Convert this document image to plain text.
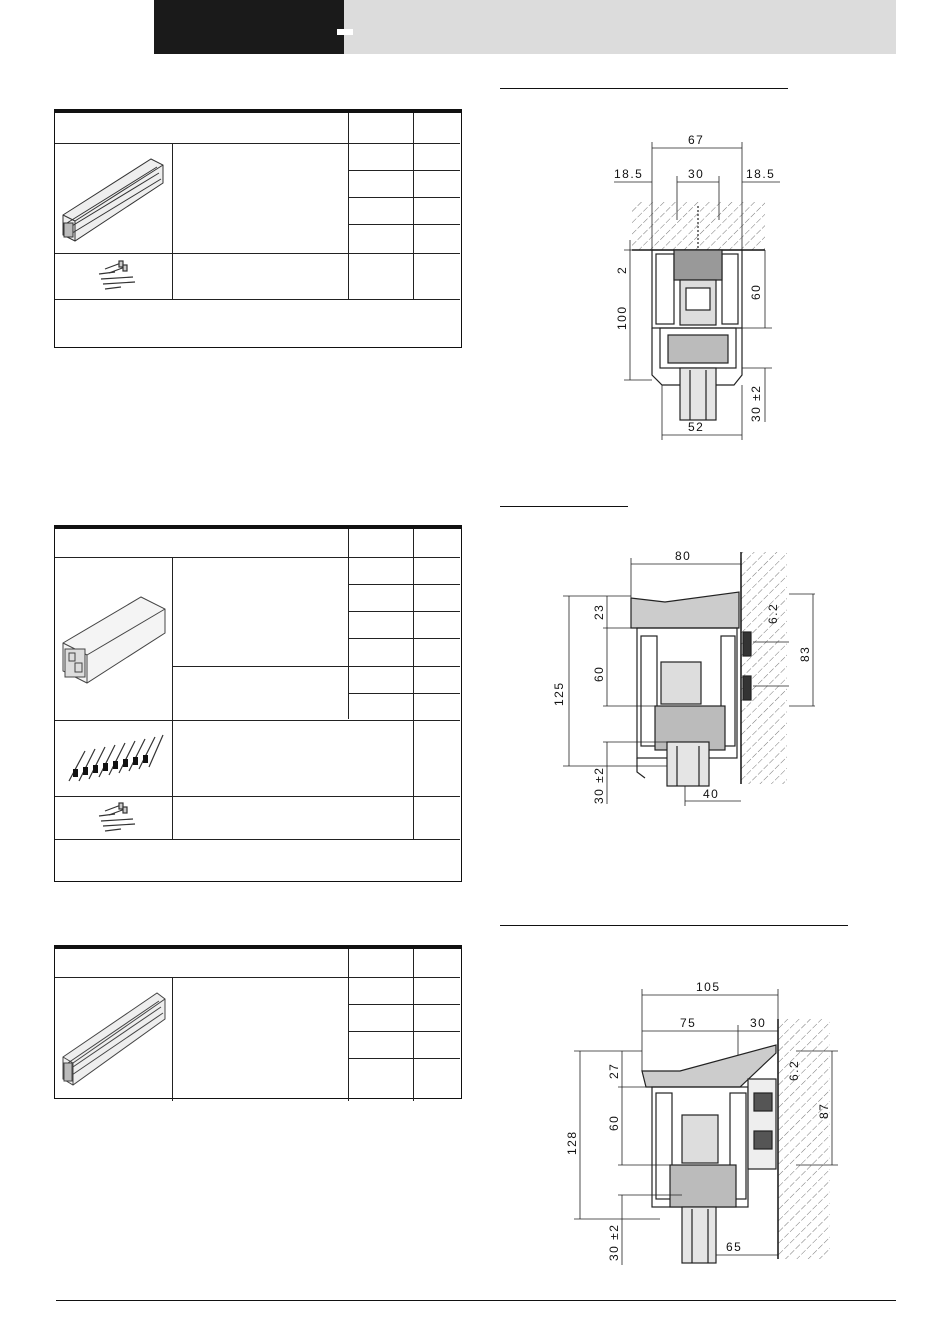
67
18.5	30	18.5
2
100
60
30 ±2
52
80
23	6.2
83
125
60
30 ±2	40
105
75	30
6.2
27
87
128
60
30 ±2	65
